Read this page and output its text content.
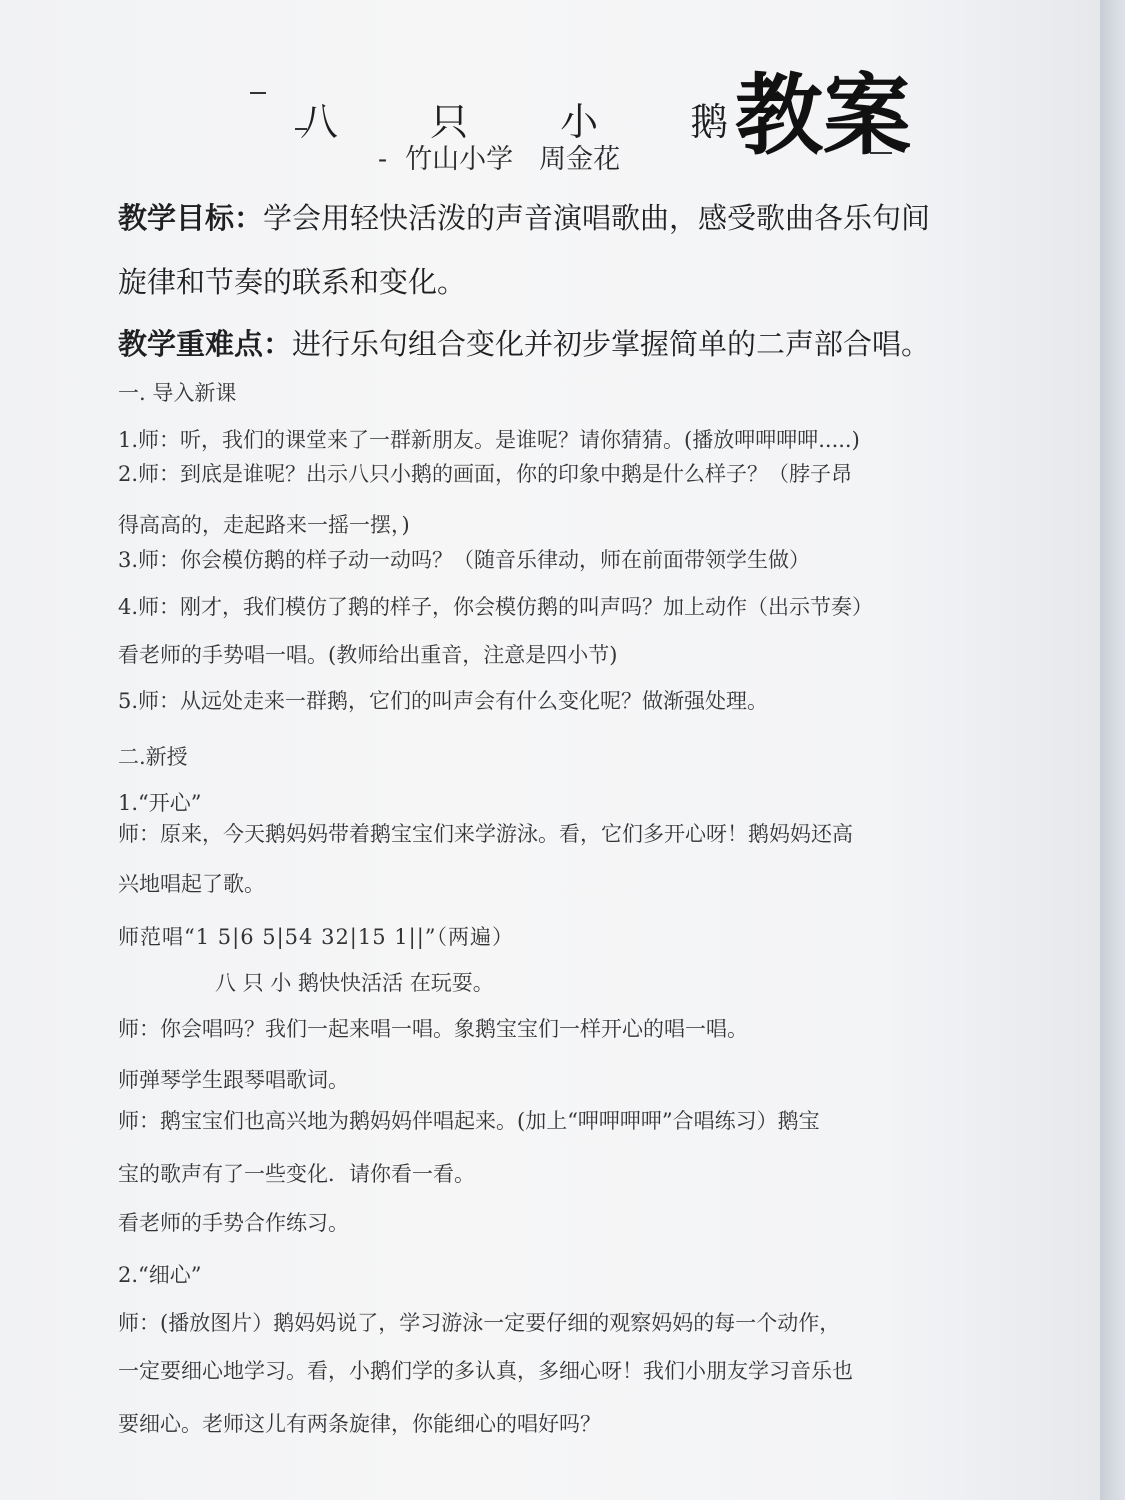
八 只 小 鹅
教案
- 竹山小学 周金花
教学目标：学会用轻快活泼的声音演唱歌曲，感受歌曲各乐句间
旋律和节奏的联系和变化。
教学重难点：进行乐句组合变化并初步掌握简单的二声部合唱。
一. 导入新课
1.师：听，我们的课堂来了一群新朋友。是谁呢？请你猜猜。(播放呷呷呷呷.....)
2.师：到底是谁呢？出示八只小鹅的画面，你的印象中鹅是什么样子？（脖子昂
得高高的，走起路来一摇一摆，)
3.师：你会模仿鹅的样子动一动吗？（随音乐律动，师在前面带领学生做）
4.师：刚才，我们模仿了鹅的样子，你会模仿鹅的叫声吗？加上动作（出示节奏）
看老师的手势唱一唱。(教师给出重音，注意是四小节)
5.师：从远处走来一群鹅，它们的叫声会有什么变化呢？做渐强处理。
二.新授
1.“开心”
师：原来，今天鹅妈妈带着鹅宝宝们来学游泳。看，它们多开心呀！鹅妈妈还高
兴地唱起了歌。
师范唱“1 5|6 5|54 32|15 1||”（两遍）
八 只 小 鹅快快活活 在玩耍。
师：你会唱吗？我们一起来唱一唱。象鹅宝宝们一样开心的唱一唱。
师弹琴学生跟琴唱歌词。
师：鹅宝宝们也高兴地为鹅妈妈伴唱起来。(加上“呷呷呷呷”合唱练习）鹅宝
宝的歌声有了一些变化．请你看一看。
看老师的手势合作练习。
2.“细心”
师：(播放图片）鹅妈妈说了，学习游泳一定要仔细的观察妈妈的每一个动作，
一定要细心地学习。看，小鹅们学的多认真，多细心呀！我们小朋友学习音乐也
要细心。老师这儿有两条旋律，你能细心的唱好吗？
